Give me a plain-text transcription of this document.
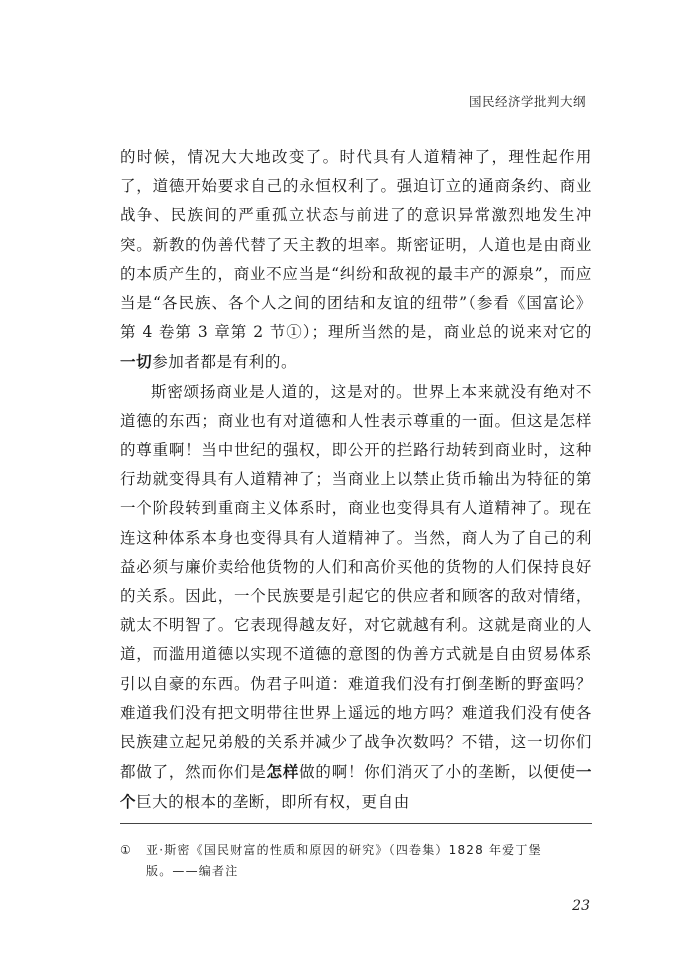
国民经济学批判大纲

的时候，情况大大地改变了。时代具有人道精神了，理性起作用了，道德开始要求自己的永恒权利了。强迫订立的通商条约、商业战争、民族间的严重孤立状态与前进了的意识异常激烈地发生冲突。新教的伪善代替了天主教的坦率。斯密证明，人道也是由商业的本质产生的，商业不应当是“纠纷和敌视的最丰产的源泉”，而应当是“各民族、各个人之间的团结和友谊的纽带”（参看《国富论》第 4 卷第 3 章第 2 节①）；理所当然的是，商业总的说来对它的一切参加者都是有利的。

斯密颂扬商业是人道的，这是对的。世界上本来就没有绝对不道德的东西；商业也有对道德和人性表示尊重的一面。但这是怎样的尊重啊！当中世纪的强权，即公开的拦路行劫转到商业时，这种行劫就变得具有人道精神了；当商业上以禁止货币输出为特征的第一个阶段转到重商主义体系时，商业也变得具有人道精神了。现在连这种体系本身也变得具有人道精神了。当然，商人为了自己的利益必须与廉价卖给他货物的人们和高价买他的货物的人们保持良好的关系。因此，一个民族要是引起它的供应者和顾客的敌对情绪，就太不明智了。它表现得越友好，对它就越有利。这就是商业的人道，而滥用道德以实现不道德的意图的伪善方式就是自由贸易体系引以自豪的东西。伪君子叫道：难道我们没有打倒垄断的野蛮吗？难道我们没有把文明带往世界上遥远的地方吗？难道我们没有使各民族建立起兄弟般的关系并减少了战争次数吗？不错，这一切你们都做了，然而你们是怎样做的啊！你们消灭了小的垄断，以便使一个巨大的根本的垄断，即所有权，更自由

① 亚·斯密《国民财富的性质和原因的研究》（四卷集）1828 年爱丁堡
版。——编者注
23
